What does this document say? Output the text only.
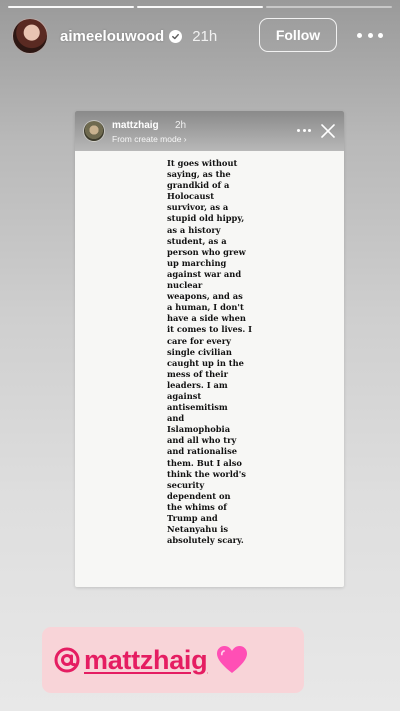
aimeelouwood 21h	Follow
mattzhaig 2h
From create mode ›
It goes without
saying, as the
grandkid of a
Holocaust
survivor, as a
stupid old hippy,
as a history
student, as a
person who grew
up marching
against war and
nuclear
weapons, and as
a human, I don't
have a side when
it comes to lives. I
care for every
single civilian
caught up in the
mess of their
leaders. I am
against
antisemitism
and
Islamophobia
and all who try
and rationalise
them. But I also
think the world's
security
dependent on
the whims of
Trump and
Netanyahu is
absolutely scary.
mattzhaig
